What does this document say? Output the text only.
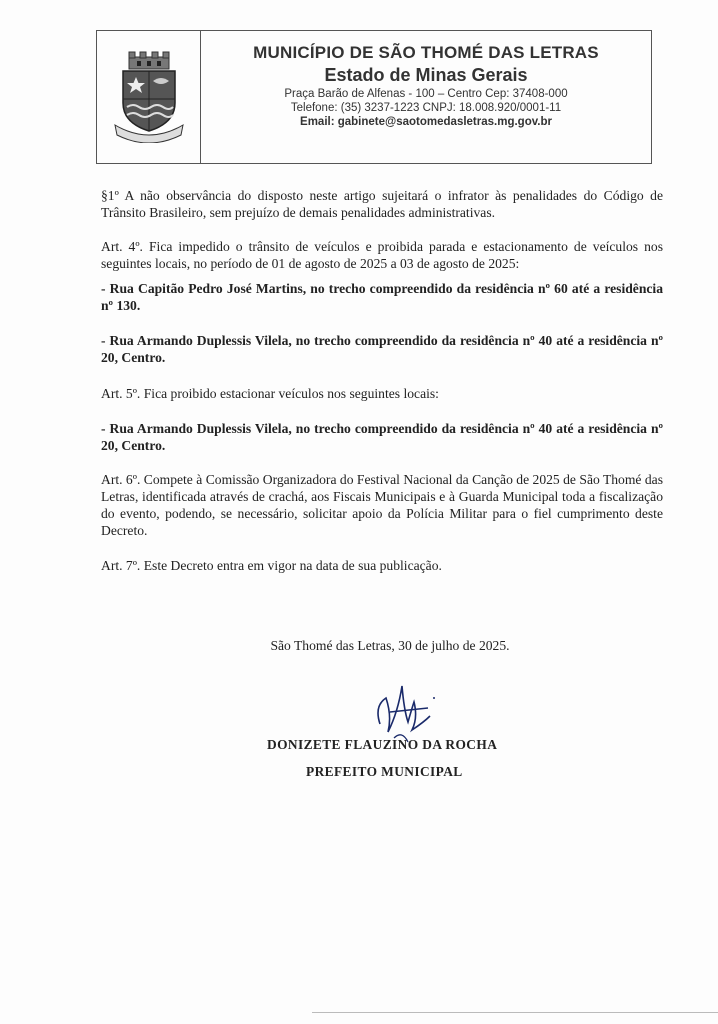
MUNICÍPIO DE SÃO THOMÉ DAS LETRAS
Estado de Minas Gerais
Praça Barão de Alfenas - 100 – Centro Cep: 37408-000
Telefone: (35) 3237-1223 CNPJ: 18.008.920/0001-11
Email: gabinete@saotomedasletras.mg.gov.br
§1º A não observância do disposto neste artigo sujeitará o infrator às penalidades do Código de Trânsito Brasileiro, sem prejuízo de demais penalidades administrativas.
Art. 4º. Fica impedido o trânsito de veículos e proibida parada e estacionamento de veículos nos seguintes locais, no período de 01 de agosto de 2025 a 03 de agosto de 2025:
- Rua Capitão Pedro José Martins, no trecho compreendido da residência nº 60 até a residência nº 130.
- Rua Armando Duplessis Vilela, no trecho compreendido da residência nº 40 até a residência nº 20, Centro.
Art. 5º. Fica proibido estacionar veículos nos seguintes locais:
- Rua Armando Duplessis Vilela, no trecho compreendido da residência nº 40 até a residência nº 20, Centro.
Art. 6º. Compete à Comissão Organizadora do Festival Nacional da Canção de 2025 de São Thomé das Letras, identificada através de crachá, aos Fiscais Municipais e à Guarda Municipal toda a fiscalização do evento, podendo, se necessário, solicitar apoio da Polícia Militar para o fiel cumprimento deste Decreto.
Art. 7º. Este Decreto entra em vigor na data de sua publicação.
São Thomé das Letras, 30 de julho de 2025.
DONIZETE FLAUZINO DA ROCHA
PREFEITO MUNICIPAL
